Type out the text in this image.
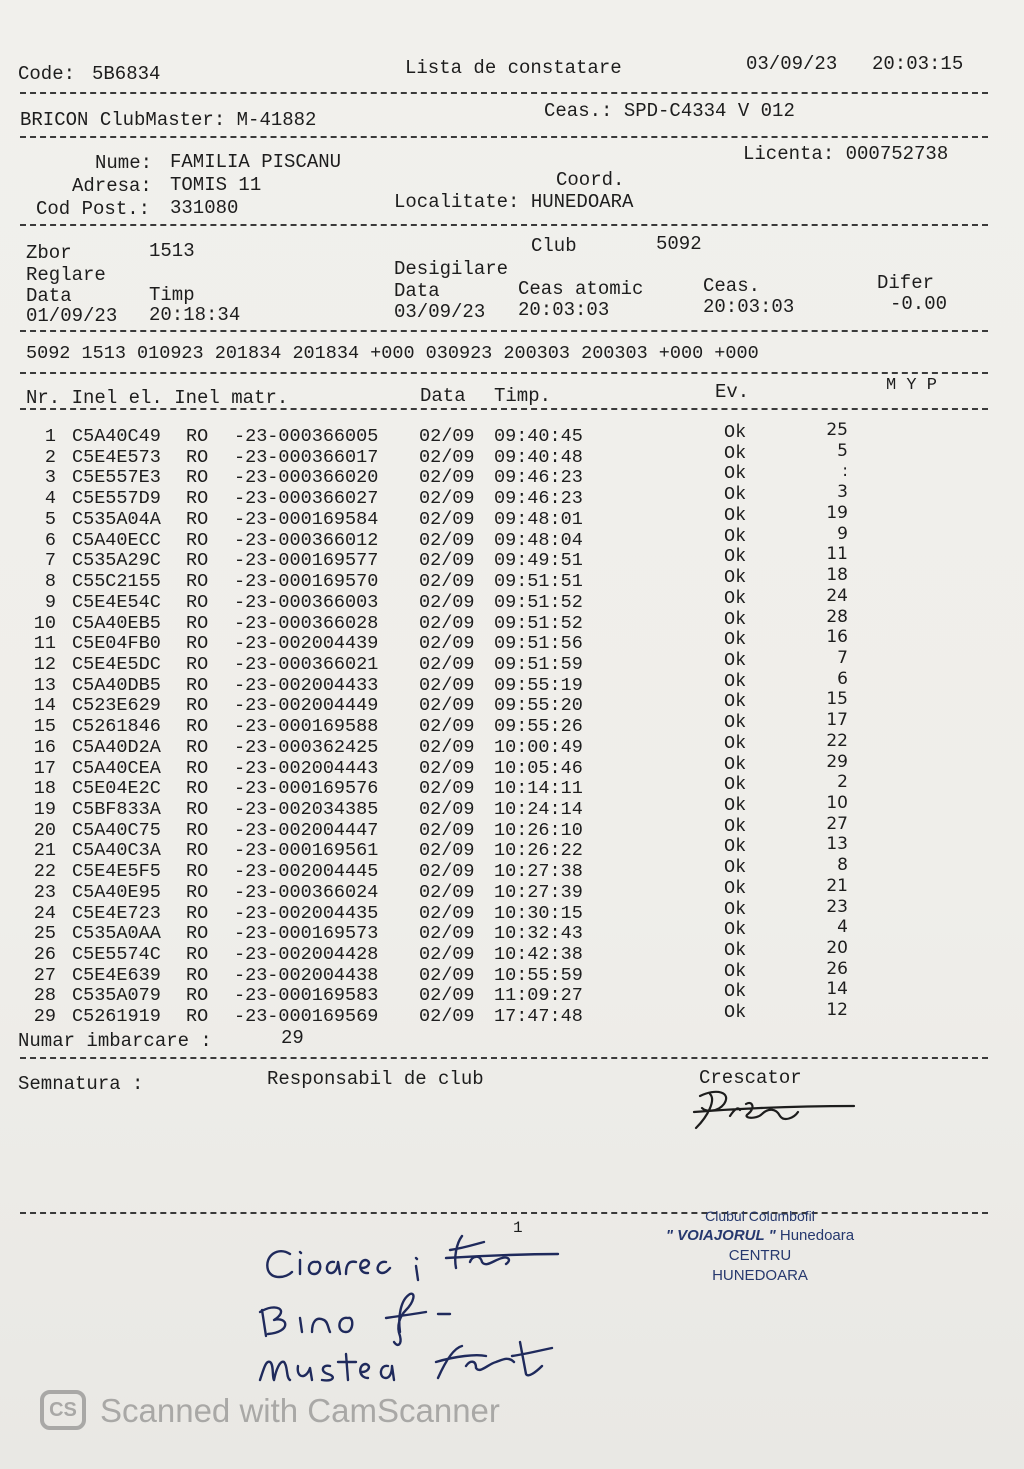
Code: 5B6834	Lista de constatare	03/09/23 20:03:15
BRICON ClubMaster: M-41882	Ceas.: SPD-C4334 V 012
Nume: FAMILIA PISCANU	Licenta: 000752738
Adresa: TOMIS 11	Coord.
Cod Post.: 331080	Localitate: HUNEDOARA
Zbor	1513	Club	5092
Reglare	Desigilare
Data	Timp	Data	Ceas atomic	Ceas.	Difer
01/09/23 20:18:34	03/09/23 20:03:03	20:03:03	-0.00
5092 1513 010923 201834 201834 +000 030923 200303 200303 +000 +000
Nr. Inel el. Inel matr.	Data Timp.	Ev.	M Y P
1 C5A40C49 RO -23-000366005 02/09 09:40:45	Ok	25
2 C5E4E573 RO -23-000366017 02/09 09:40:48	Ok	5
3 C5E557E3 RO -23-000366020 02/09 09:46:23	Ok	:
4 C5E557D9 RO -23-000366027 02/09 09:46:23	Ok	3
5 C535A04A RO -23-000169584 02/09 09:48:01	Ok	19
6 C5A40ECC RO -23-000366012 02/09 09:48:04	Ok	9
7 C535A29C RO -23-000169577 02/09 09:49:51	Ok	11
8 C55C2155 RO -23-000169570 02/09 09:51:51	Ok	18
9 C5E4E54C RO -23-000366003 02/09 09:51:52	Ok	24
10 C5A40EB5 RO -23-000366028 02/09 09:51:52	Ok	28
11 C5E04FB0 RO -23-002004439 02/09 09:51:56	Ok	16
12 C5E4E5DC RO -23-000366021 02/09 09:51:59	Ok	7
13 C5A40DB5 RO -23-002004433 02/09 09:55:19	Ok	6
14 C523E629 RO -23-002004449 02/09 09:55:20	Ok	15
15 C5261846 RO -23-000169588 02/09 09:55:26	Ok	17
16 C5A40D2A RO -23-000362425 02/09 10:00:49	Ok	22
17 C5A40CEA RO -23-002004443 02/09 10:05:46	Ok	29
18 C5E04E2C RO -23-000169576 02/09 10:14:11	Ok	2
19 C5BF833A RO -23-002034385 02/09 10:24:14	Ok	10
20 C5A40C75 RO -23-002004447 02/09 10:26:10	Ok	27
21 C5A40C3A RO -23-000169561 02/09 10:26:22	Ok	13
22 C5E4E5F5 RO -23-002004445 02/09 10:27:38	Ok	8
23 C5A40E95 RO -23-000366024 02/09 10:27:39	Ok	21
24 C5E4E723 RO -23-002004435 02/09 10:30:15	Ok	23
25 C535A0AA RO -23-000169573 02/09 10:32:43	Ok	4
26 C5E5574C RO -23-002004428 02/09 10:42:38	Ok	20
27 C5E4E639 RO -23-002004438 02/09 10:55:59	Ok	26
28 C535A079 RO -23-000169583 02/09 11:09:27	Ok	14
29 C5261919 RO -23-000169569 02/09 17:47:48	Ok	12
Numar imbarcare :	29
Semnatura :	Responsabil de club	Crescator
1
Clubul Columbofil
" VOIAJORUL " Hunedoara
CENTRU
HUNEDOARA
CS Scanned with CamScanner
